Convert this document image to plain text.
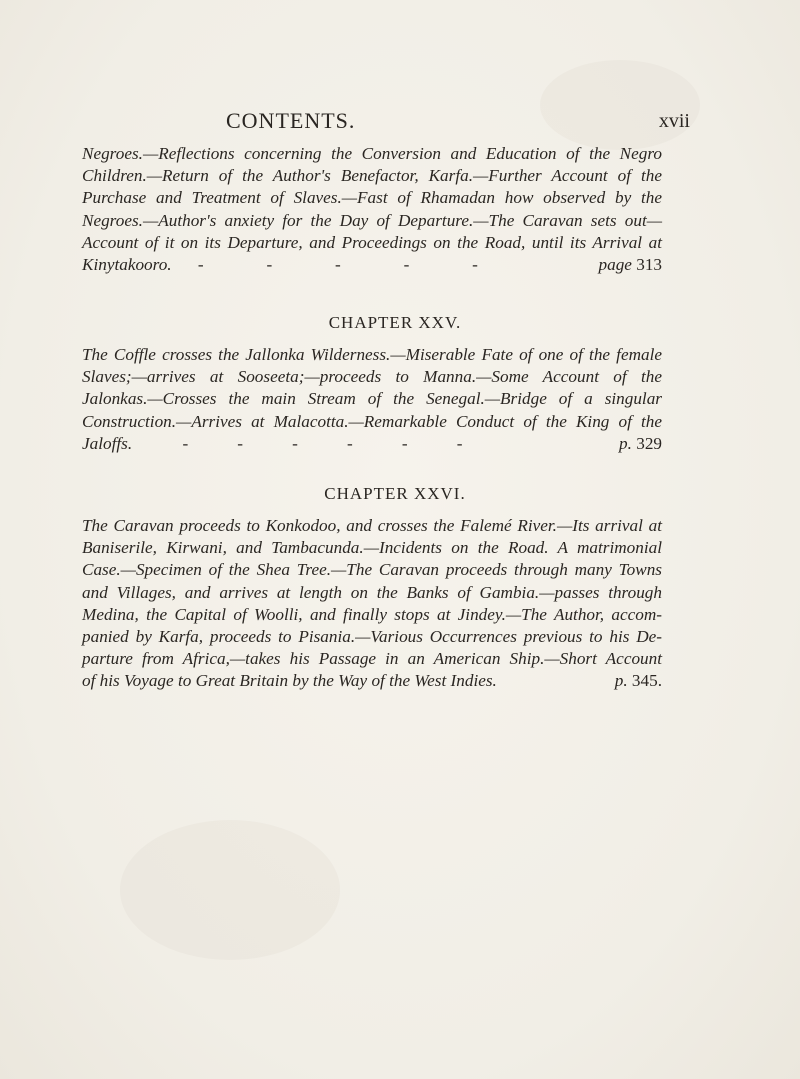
CONTENTS.	xvii
Negroes.—Reflections concerning the Conversion and Education of the Negro
Children.—Return of the Author's Benefactor, Karfa.—Further Account of the
Purchase and Treatment of Slaves.—Fast of Rhamadan how observed by the
Negroes.—Author's anxiety for the Day of Departure.—The Caravan sets out—
Account of it on its Departure, and Proceedings on the Road, until its Arrival at
Kinytakooro. - - - - -	page 313
CHAPTER XXV.
The Coffle crosses the Jallonka Wilderness.—Miserable Fate of one of the female
Slaves;—arrives at Sooseeta;—proceeds to Manna.—Some Account of the
Jalonkas.—Crosses the main Stream of the Senegal.—Bridge of a singular
Construction.—Arrives at Malacotta.—Remarkable Conduct of the King of the
Jaloffs.	- - - - - -	p. 329
CHAPTER XXVI.
The Caravan proceeds to Konkodoo, and crosses the Falemé River.—Its arrival at
Baniserile, Kirwani, and Tambacunda.—Incidents on the Road. A matrimonial
Case.—Specimen of the Shea Tree.—The Caravan proceeds through many Towns
and Villages, and arrives at length on the Banks of Gambia.—passes through
Medina, the Capital of Woolli, and finally stops at Jindey.—The Author, accom-
panied by Karfa, proceeds to Pisania.—Various Occurrences previous to his De-
parture from Africa,—takes his Passage in an American Ship.—Short Account
of his Voyage to Great Britain by the Way of the West Indies.	p. 345.
